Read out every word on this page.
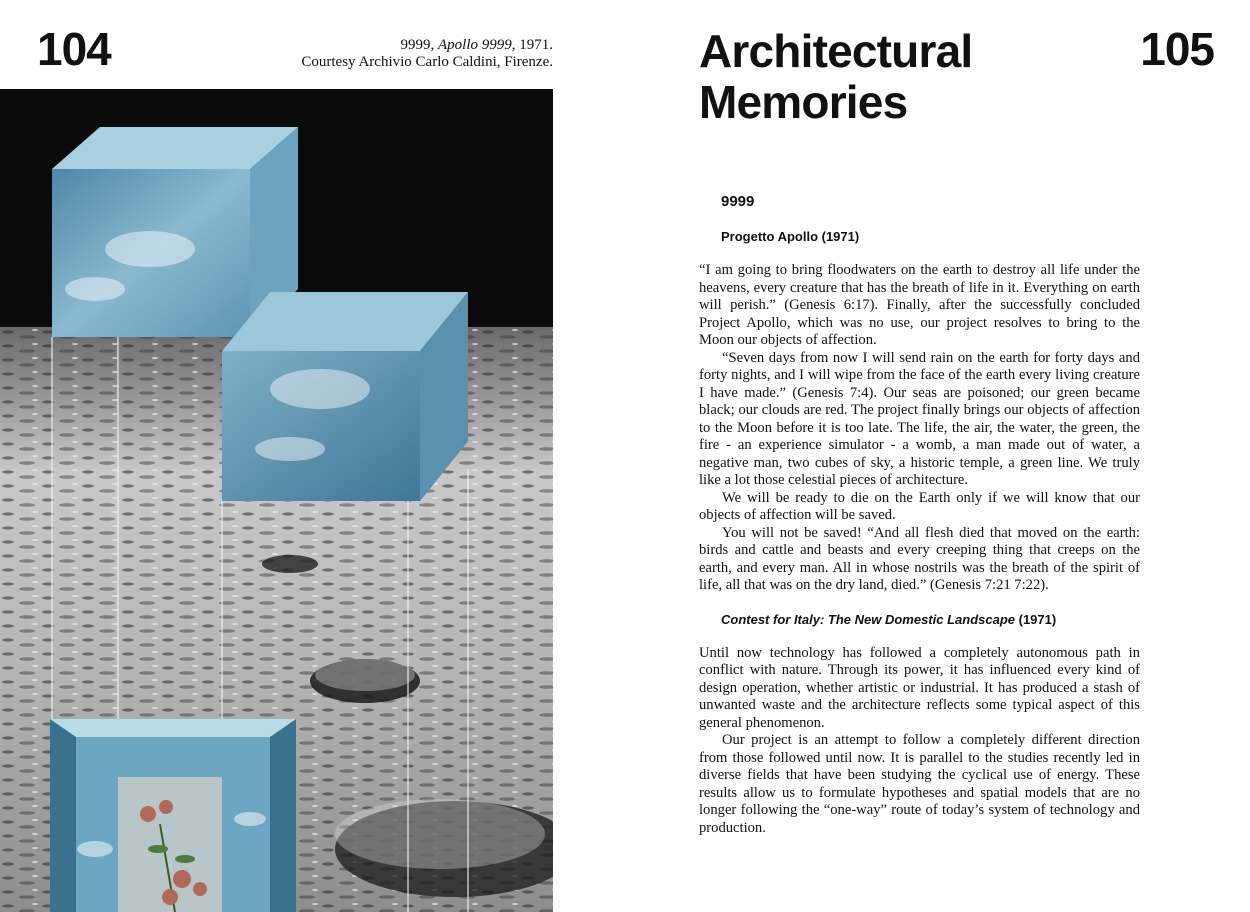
104	9999, Apollo 9999, 1971.
Courtesy Archivio Carlo Caldini, Firenze.	Architectural
Memories
105
9999
Progetto Apollo (1971)

“I am going to bring floodwaters on the earth to destroy all life under the heavens, every creature that has the breath of life in it. Everything on earth will perish.” (Genesis 6:17). Finally, after the successfully concluded Project Apollo, which was no use, our project resolves to bring to the Moon our objects of affection.

“Seven days from now I will send rain on the earth for forty days and forty nights, and I will wipe from the face of the earth every living creature I have made.” (Genesis 7:4). Our seas are poisoned; our green became black; our clouds are red. The project finally brings our objects of affection to the Moon before it is too late. The life, the air, the water, the green, the fire - an experience simulator - a womb, a man made out of water, a negative man, two cubes of sky, a historic temple, a green line. We truly like a lot those celestial pieces of architecture.

We will be ready to die on the Earth only if we will know that our objects of affection will be saved.

You will not be saved! “And all flesh died that moved on the earth: birds and cattle and beasts and every creeping thing that creeps on the earth, and every man. All in whose nostrils was the breath of the spirit of life, all that was on the dry land, died.” (Genesis 7:21 7:22).

Contest for Italy: The New Domestic Landscape (1971)

Until now technology has followed a completely autonomous path in conflict with nature. Through its power, it has influenced every kind of design operation, whether artistic or industrial. It has produced a stash of unwanted waste and the architecture reflects some typical aspect of this general phenomenon.

Our project is an attempt to follow a completely different direction from those followed until now. It is parallel to the studies recently led in diverse fields that have been studying the cyclical use of energy. These results allow us to formulate hypotheses and spatial models that are no longer following the “one-way” route of today’s system of technology and production.
